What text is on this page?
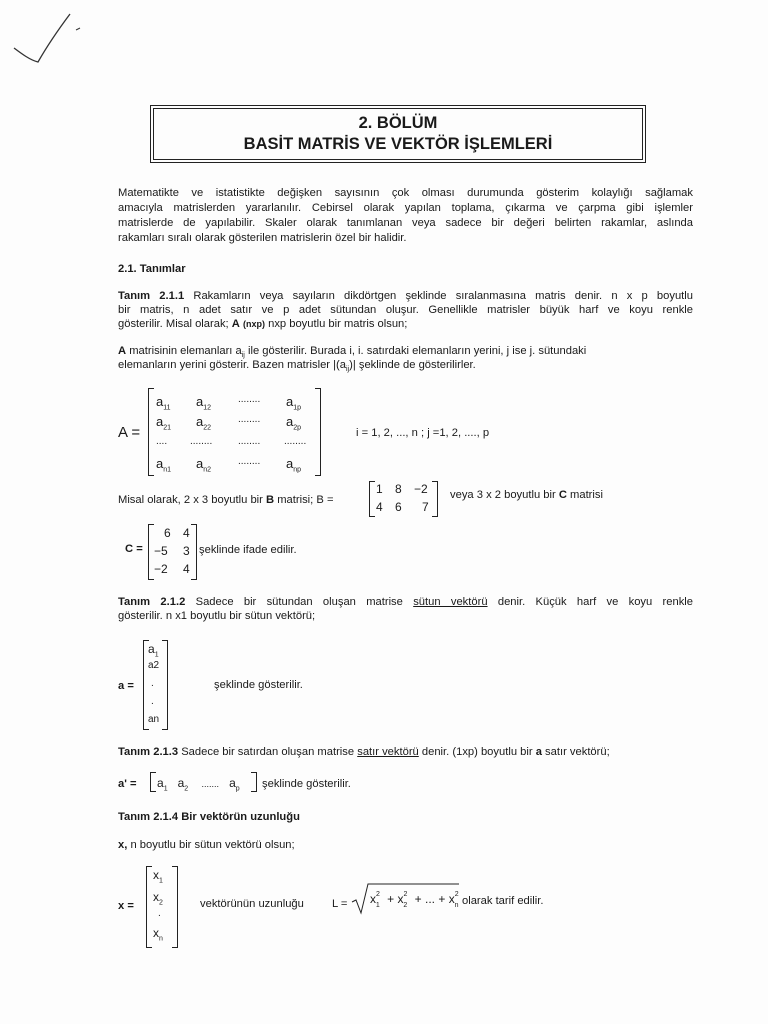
2. BÖLÜM
BASİT MATRİS VE VEKTÖR İŞLEMLERİ
Matematikte ve istatistikte değişken sayısının çok olması durumunda gösterim kolaylığı sağlamak
amacıyla matrislerden yararlanılır. Cebirsel olarak yapılan toplama, çıkarma ve çarpma gibi işlemler
matrislerde de yapılabilir. Skaler olarak tanımlanan veya sadece bir değeri belirten rakamlar, aslında
rakamları sıralı olarak gösterilen matrislerin özel bir halidir.
2.1. Tanımlar
Tanım 2.1.1 Rakamların veya sayıların dikdörtgen şeklinde sıralanmasına matris denir. n x p boyutlu
bir matris, n adet satır ve p adet sütundan oluşur. Genellikle matrisler büyük harf ve koyu renkle
gösterilir. Misal olarak; A (nxp) nxp boyutlu bir matris olsun;
A matrisinin elemanları $a_{ij}$ ile gösterilir. Burada i, i. satırdaki elemanların yerini, j ise j. sütundaki
elemanların yerini gösterir. Bazen matrisler $|(a_{ij})|$ şeklinde de gösterilirler.
A =
$a_{11}$ $a_{12}$
........ $a_{1p}$
$a_{21}$ $a_{22}$
........ $a_{2p}$
.... ........	........ ........
$a_{n1}$ $a_{n2}$
........ $a_{np}$
i = 1, 2, ..., n ; j =1, 2, ...., p
Misal olarak, 2 x 3 boyutlu bir B matrisi; B =
1 8 −2
4 6 7
veya 3 x 2 boyutlu bir C matrisi
C =
6 4
−5 3
−2 4
şeklinde ifade edilir.
Tanım 2.1.2 Sadece bir sütundan oluşan matrise sütun vektörü denir. Küçük harf ve koyu renkle
gösterilir. n x1 boyutlu bir sütun vektörü;
a =
$a_1$
a2
.
.
an
şeklinde gösterilir.
Tanım 2.1.3 Sadece bir satırdan oluşan matrise satır vektörü denir. (1xp) boyutlu bir a satır vektörü;
$a' = a_1$ $a_2$ ....... $a_p$ şeklinde gösterilir.
Tanım 2.1.4 Bir vektörün uzunluğu
x, n boyutlu bir sütun vektörü olsun;
x =
$x_1$
$x_2$
.
$x_n$
vektörünün uzunluğu	$L = x^2_1 + x^2_2$ + ... + $x^2_n$ olarak tarif edilir.
